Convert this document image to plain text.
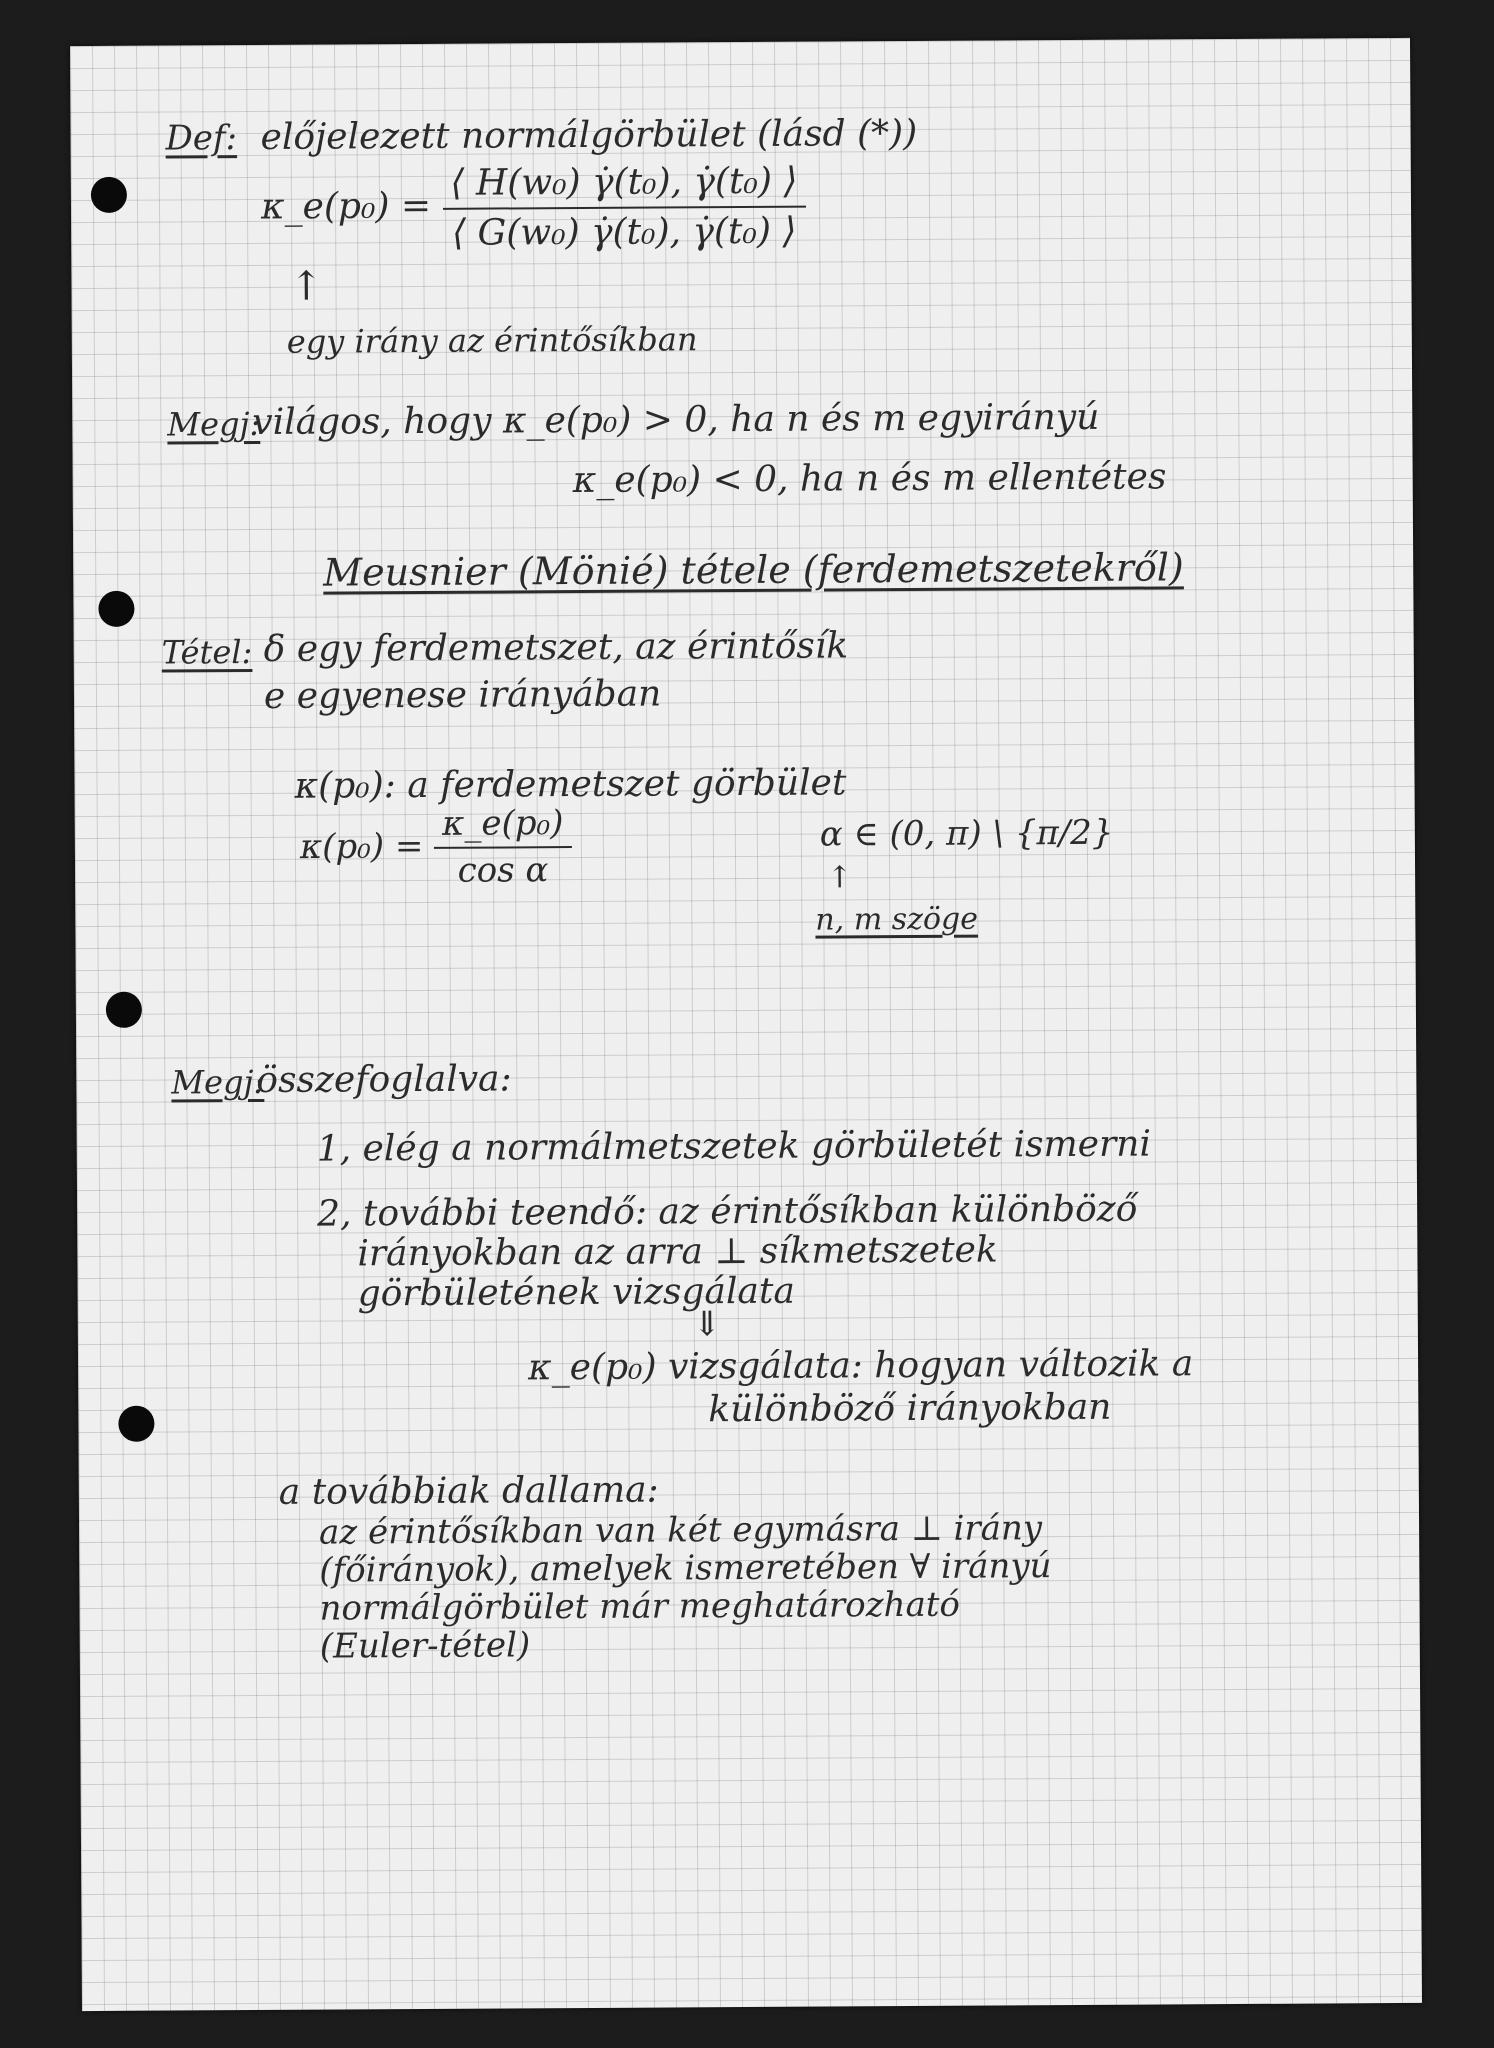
Def: előjelezett normálgörbület (lásd (*))
κ_e(p₀) = $\frac{\text{⟨ H(w₀) γ̇(t₀), γ̇(t₀) ⟩}}{\text{⟨ G(w₀) γ̇(t₀), γ̇(t₀) ⟩}}$
↑
egy irány az érintősíkban
Megj:
világos, hogy κ_e(p₀) > 0, ha n és m egyirányú
κ_e(p₀) < 0, ha n és m ellentétes
Meusnier (Mönié) tétele (ferdemetszetekről)
Tétel: δ egy ferdemetszet, az érintősík
e egyenese irányában
κ(p₀): a ferdemetszet görbület
$\kappa(p_0) = \frac{\text{κ\_e(p₀)}}{\text{cos α}}$	α ∈ (0, π) \ {π/2}
↑
n, m szöge
Megj:
összefoglalva:
1, elég a normálmetszetek görbületét ismerni
2, további teendő: az érintősíkban különböző
irányokban az arra ⊥ síkmetszetek
görbületének vizsgálata
⇓
κ_e(p₀) vizsgálata: hogyan változik a
különböző irányokban
a továbbiak dallama:
az érintősíkban van két egymásra ⊥ irány
(főirányok), amelyek ismeretében ∀ irányú
normálgörbület már meghatározható
(Euler-tétel)
